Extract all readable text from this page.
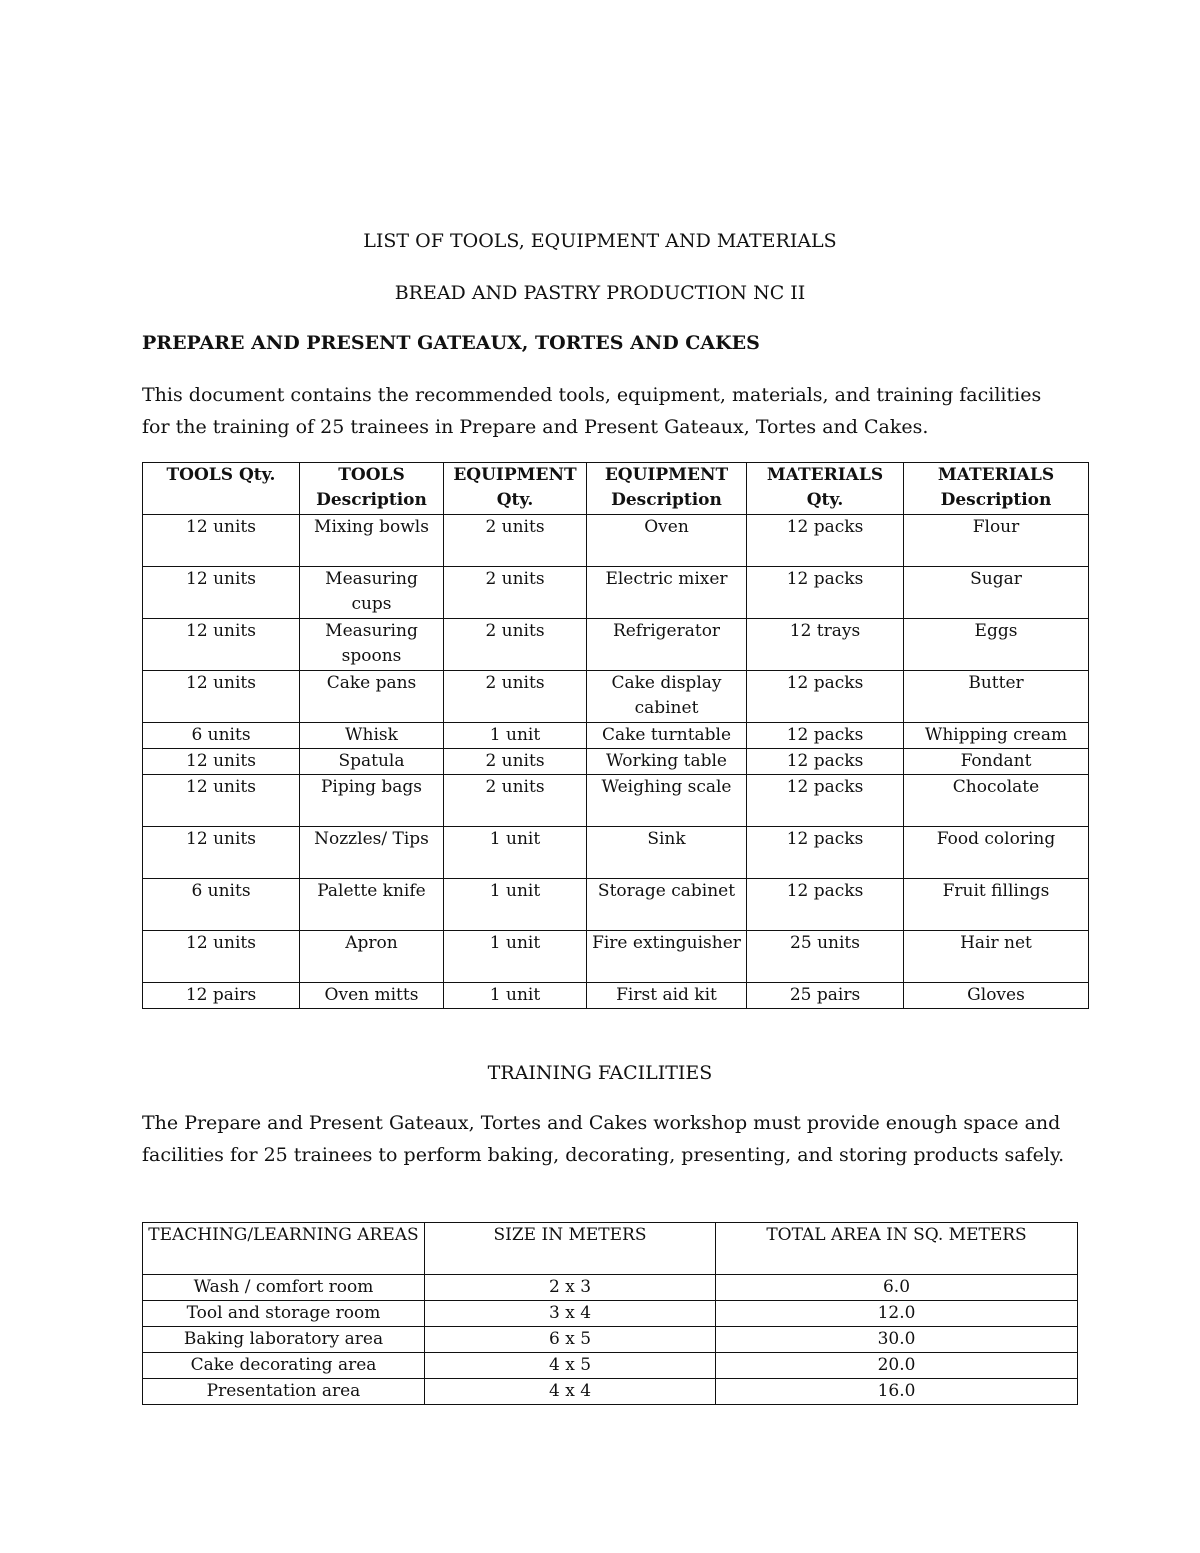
LIST OF TOOLS, EQUIPMENT AND MATERIALS
BREAD AND PASTRY PRODUCTION NC II
PREPARE AND PRESENT GATEAUX, TORTES AND CAKES

This document contains the recommended tools, equipment, materials, and training facilities for the training of 25 trainees in Prepare and Present Gateaux, Tortes and Cakes.

TOOLS Qty.	TOOLS Description	EQUIPMENT Qty.	EQUIPMENT Description	MATERIALS Qty.	MATERIALS Description
12 units	Mixing bowls	2 units	Oven	12 packs	Flour
12 units	Measuring cups	2 units	Electric mixer	12 packs	Sugar
12 units	Measuring spoons	2 units	Refrigerator	12 trays	Eggs
12 units	Cake pans	2 units	Cake display cabinet	12 packs	Butter
6 units	Whisk	1 unit	Cake turntable	12 packs	Whipping cream
12 units	Spatula	2 units	Working table	12 packs	Fondant
12 units	Piping bags	2 units	Weighing scale	12 packs	Chocolate
12 units	Nozzles/ Tips	1 unit	Sink	12 packs	Food coloring
6 units	Palette knife	1 unit	Storage cabinet	12 packs	Fruit fillings
12 units	Apron	1 unit	Fire extinguisher	25 units	Hair net
12 pairs	Oven mitts	1 unit	First aid kit	25 pairs	Gloves
TRAINING FACILITIES

The Prepare and Present Gateaux, Tortes and Cakes workshop must provide enough space and facilities for 25 trainees to perform baking, decorating, presenting, and storing products safely.

TEACHING/LEARNING AREAS	SIZE IN METERS	TOTAL AREA IN SQ. METERS
Wash / comfort room	2 x 3	6.0
Tool and storage room	3 x 4	12.0
Baking laboratory area	6 x 5	30.0
Cake decorating area	4 x 5	20.0
Presentation area	4 x 4	16.0
